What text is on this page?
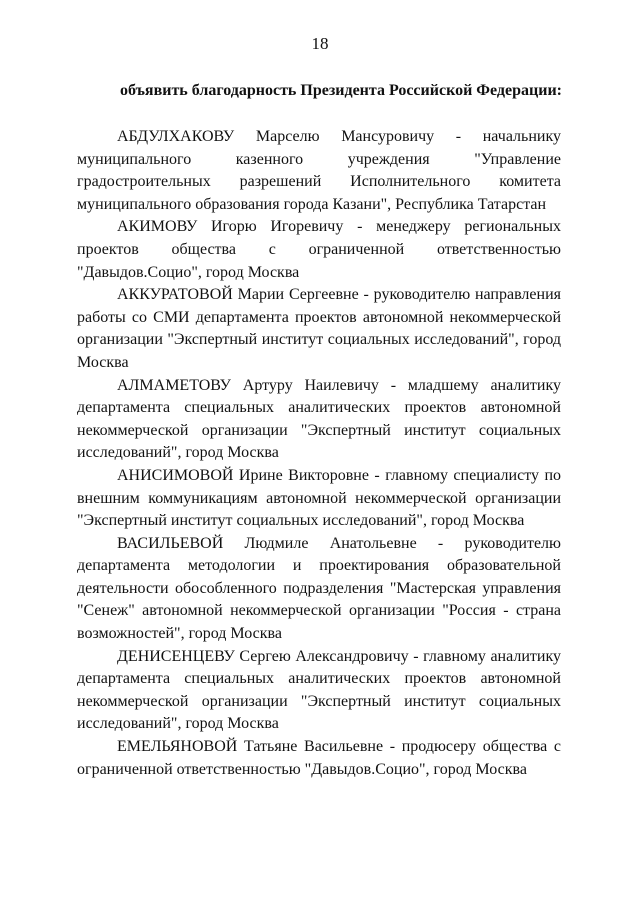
18
объявить благодарность Президента Российской Федерации:

АБДУЛХАКОВУ Марселю Мансуровичу - начальнику муниципального казенного учреждения "Управление градостроительных разрешений Исполнительного комитета муниципального образования города Казани", Республика Татарстан

АКИМОВУ Игорю Игоревичу - менеджеру региональных проектов общества с ограниченной ответственностью "Давыдов.Социо", город Москва

АККУРАТОВОЙ Марии Сергеевне - руководителю направления работы со СМИ департамента проектов автономной некоммерческой организации "Экспертный институт социальных исследований", город Москва

АЛМАМЕТОВУ Артуру Наилевичу - младшему аналитику департамента специальных аналитических проектов автономной некоммерческой организации "Экспертный институт социальных исследований", город Москва

АНИСИМОВОЙ Ирине Викторовне - главному специалисту по внешним коммуникациям автономной некоммерческой организации "Экспертный институт социальных исследований", город Москва

ВАСИЛЬЕВОЙ Людмиле Анатольевне - руководителю департамента методологии и проектирования образовательной деятельности обособленного подразделения "Мастерская управления "Сенеж" автономной некоммерческой организации "Россия - страна возможностей", город Москва

ДЕНИСЕНЦЕВУ Сергею Александровичу - главному аналитику департамента специальных аналитических проектов автономной некоммерческой организации "Экспертный институт социальных исследований", город Москва

ЕМЕЛЬЯНОВОЙ Татьяне Васильевне - продюсеру общества с ограниченной ответственностью "Давыдов.Социо", город Москва
